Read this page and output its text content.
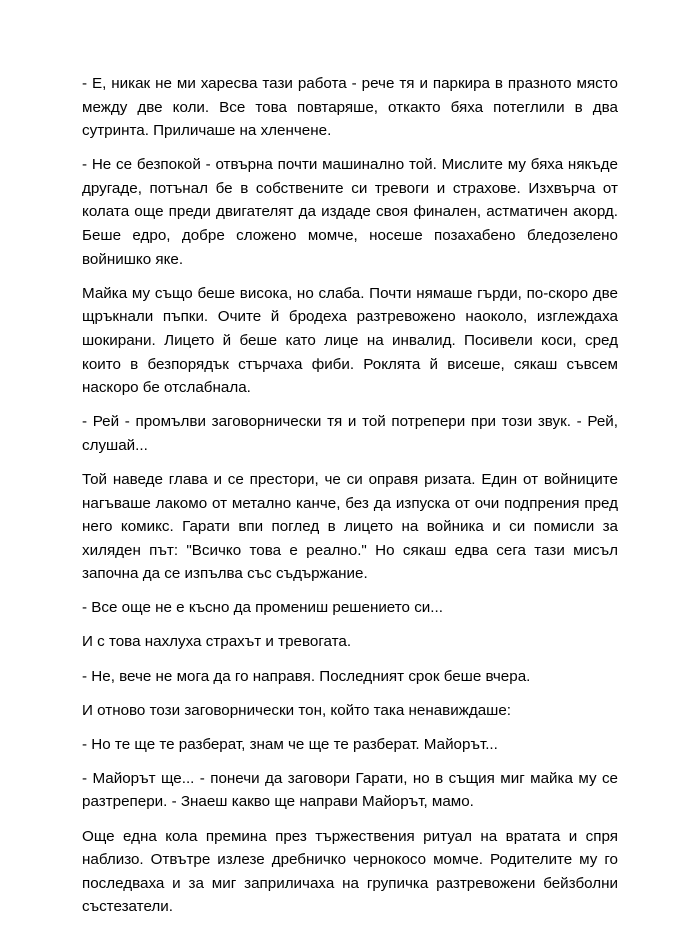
- Е, никак не ми харесва тази работа - рече тя и паркира в празното място между две коли. Все това повтаряше, откакто бяха потеглили в два сутринта. Приличаше на хленчене.

- Не се безпокой - отвърна почти машинално той. Мислите му бяха някъде другаде, потънал бе в собствените си тревоги и страхове. Изхвърча от колата още преди двигателят да издаде своя финален, астматичен акорд. Беше едро, добре сложено момче, носеше позахабено бледозелено войнишко яке.

Майка му също беше висока, но слаба. Почти нямаше гърди, по-скоро две щръкнали пъпки. Очите й бродеха разтревожено наоколо, изглеждаха шокирани. Лицето й беше като лице на инвалид. Посивели коси, сред които в безпорядък стърчаха фиби. Роклята й висеше, сякаш съвсем наскоро бе отслабнала.

- Рей - промълви заговорнически тя и той потрепери при този звук. - Рей, слушай...

Той наведе глава и се престори, че си оправя ризата. Един от войниците нагъваше лакомо от метално канче, без да изпуска от очи подпрения пред него комикс. Гарати впи поглед в лицето на войника и си помисли за хиляден път: "Всичко това е реално." Но сякаш едва сега тази мисъл започна да се изпълва със съдържание.

- Все още не е късно да промениш решението си...

И с това нахлуха страхът и тревогата.

- Не, вече не мога да го направя. Последният срок беше вчера.

И отново този заговорнически тон, който така ненавиждаше:

- Но те ще те разберат, знам че ще те разберат. Майорът...

- Майорът ще... - понечи да заговори Гарати, но в същия миг майка му се разтрепери. - Знаеш какво ще направи Майорът, мамо.

Още една кола премина през тържествения ритуал на вратата и спря наблизо. Отвътре излезе дребничко чернокосо момче. Родителите му го последваха и за миг заприличаха на групичка разтревожени бейзболни състезатели.
